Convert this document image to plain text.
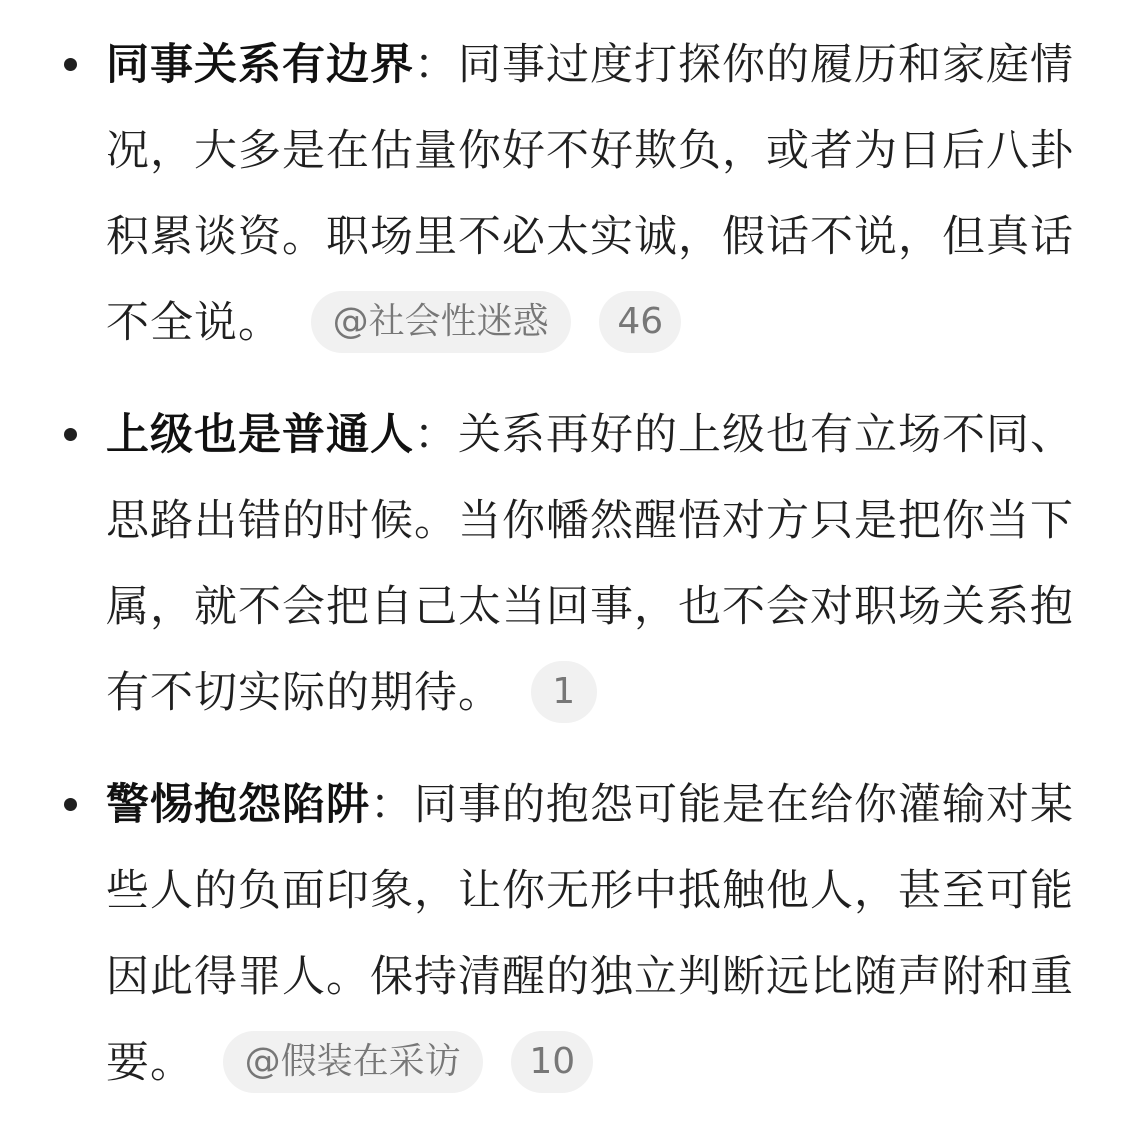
同事关系有边界：同事过度打探你的履历和家庭情况，大多是在估量你好不好欺负，或者为日后八卦积累谈资。职场里不必太实诚，假话不说，但真话不全说。 @社会性迷惑 46
上级也是普通人：关系再好的上级也有立场不同、思路出错的时候。当你幡然醒悟对方只是把你当下属，就不会把自己太当回事，也不会对职场关系抱有不切实际的期待。 1
警惕抱怨陷阱：同事的抱怨可能是在给你灌输对某些人的负面印象，让你无形中抵触他人，甚至可能因此得罪人。保持清醒的独立判断远比随声附和重要。 @假装在采访 10
